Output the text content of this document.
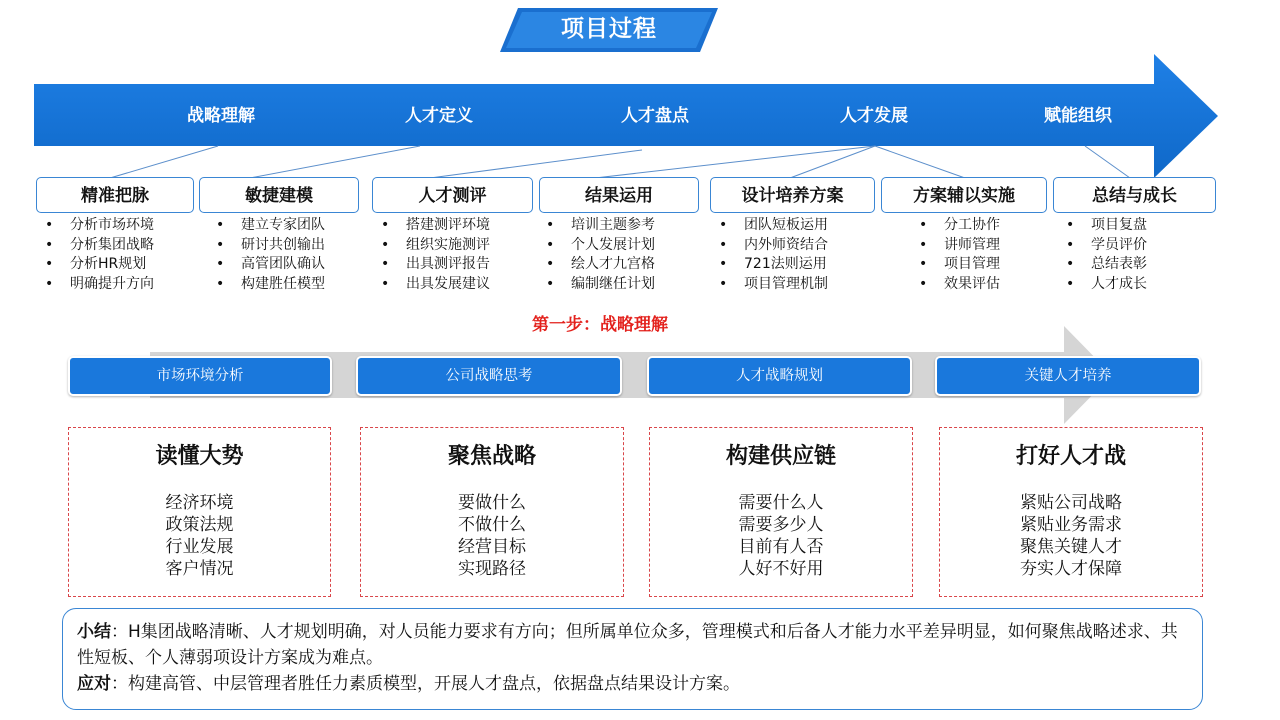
项目过程
战略理解	人才定义	人才盘点	人才发展	赋能组织
精准把脉	敏捷建模	人才测评	结果运用	设计培养方案	方案辅以实施	总结与成长
• 分析市场环境
• 分析集团战略
• 分析HR规划
• 明确提升方向
• 建立专家团队
• 研讨共创输出
• 高管团队确认
• 构建胜任模型
• 搭建测评环境
• 组织实施测评
• 出具测评报告
• 出具发展建议
• 培训主题参考
• 个人发展计划
• 绘人才九宫格
• 编制继任计划
• 团队短板运用
• 内外师资结合
• 721法则运用
• 项目管理机制
• 分工协作
• 讲师管理
• 项目管理
• 效果评估
• 项目复盘
• 学员评价
• 总结表彰
• 人才成长
第一步：战略理解
市场环境分析	公司战略思考	人才战略规划	关键人才培养
读懂大势
经济环境
政策法规
行业发展
客户情况
聚焦战略
要做什么
不做什么
经营目标
实现路径
构建供应链
需要什么人
需要多少人
目前有人否
人好不好用
打好人才战
紧贴公司战略
紧贴业务需求
聚焦关键人才
夯实人才保障
小结：H集团战略清晰、人才规划明确，对人员能力要求有方向；但所属单位众多，管理模式和后备人才能力水平差异明显，如何聚焦战略述求、共性短板、个人薄弱项设计方案成为难点。
应对：构建高管、中层管理者胜任力素质模型，开展人才盘点，依据盘点结果设计方案。
